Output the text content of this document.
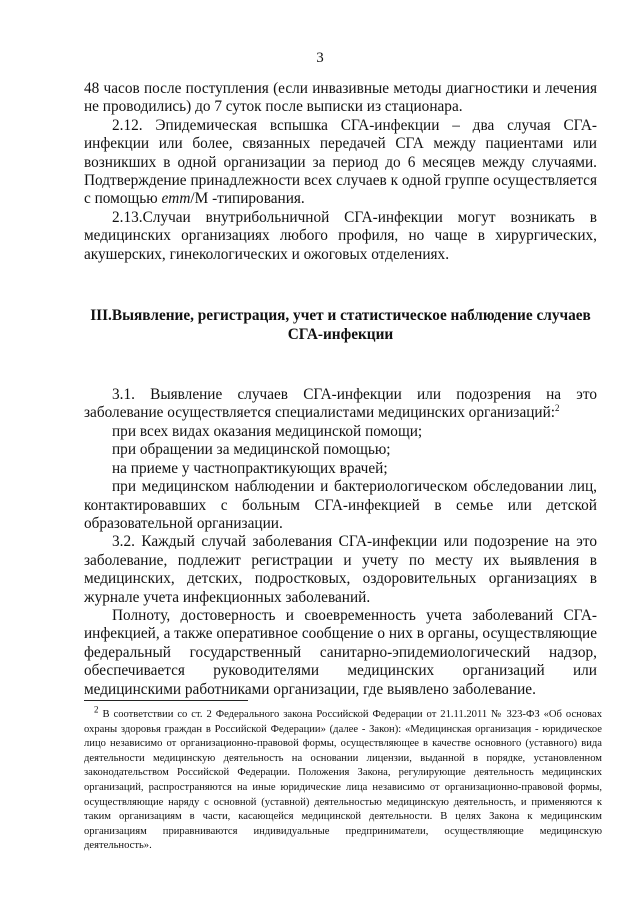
3

48 часов после поступления (если инвазивные методы диагностики и лечения не проводились) до 7 суток после выписки из стационара.

2.12. Эпидемическая вспышка СГА-инфекции – два случая СГА-инфекции или более, связанных передачей СГА между пациентами или возникших в одной организации за период до 6 месяцев между случаями. Подтверждение принадлежности всех случаев к одной группе осуществляется с помощью emm/М -типирования.

2.13.Случаи внутрибольничной СГА-инфекции могут возникать в медицинских организациях любого профиля, но чаще в хирургических, акушерских, гинекологических и ожоговых отделениях.

III.Выявление, регистрация, учет и статистическое наблюдение случаев
СГА-инфекции

3.1. Выявление случаев СГА-инфекции или подозрения на это заболевание осуществляется специалистами медицинских организаций:$^2$

при всех видах оказания медицинской помощи;

при обращении за медицинской помощью;

на приеме у частнопрактикующих врачей;

при медицинском наблюдении и бактериологическом обследовании лиц, контактировавших с больным СГА-инфекцией в семье или детской образовательной организации.

3.2. Каждый случай заболевания СГА-инфекции или подозрение на это заболевание, подлежит регистрации и учету по месту их выявления в медицинских, детских, подростковых, оздоровительных организациях в журнале учета инфекционных заболеваний.

Полноту, достоверность и своевременность учета заболеваний СГА-инфекцией, а также оперативное сообщение о них в органы, осуществляющие федеральный государственный санитарно-эпидемиологический надзор, обеспечивается руководителями медицинских организаций или медицинскими работниками организации, где выявлено заболевание.

$^2$ В соответствии со ст. 2 Федерального закона Российской Федерации от 21.11.2011 № 323-ФЗ «Об основах охраны здоровья граждан в Российской Федерации» (далее - Закон): «Медицинская организация - юридическое лицо независимо от организационно-правовой формы, осуществляющее в качестве основного (уставного) вида деятельности медицинскую деятельность на основании лицензии, выданной в порядке, установленном законодательством Российской Федерации. Положения Закона, регулирующие деятельность медицинских организаций, распространяются на иные юридические лица независимо от организационно-правовой формы, осуществляющие наряду с основной (уставной) деятельностью медицинскую деятельность, и применяются к таким организациям в части, касающейся медицинской деятельности. В целях Закона к медицинским организациям приравниваются индивидуальные предприниматели, осуществляющие медицинскую деятельность».
